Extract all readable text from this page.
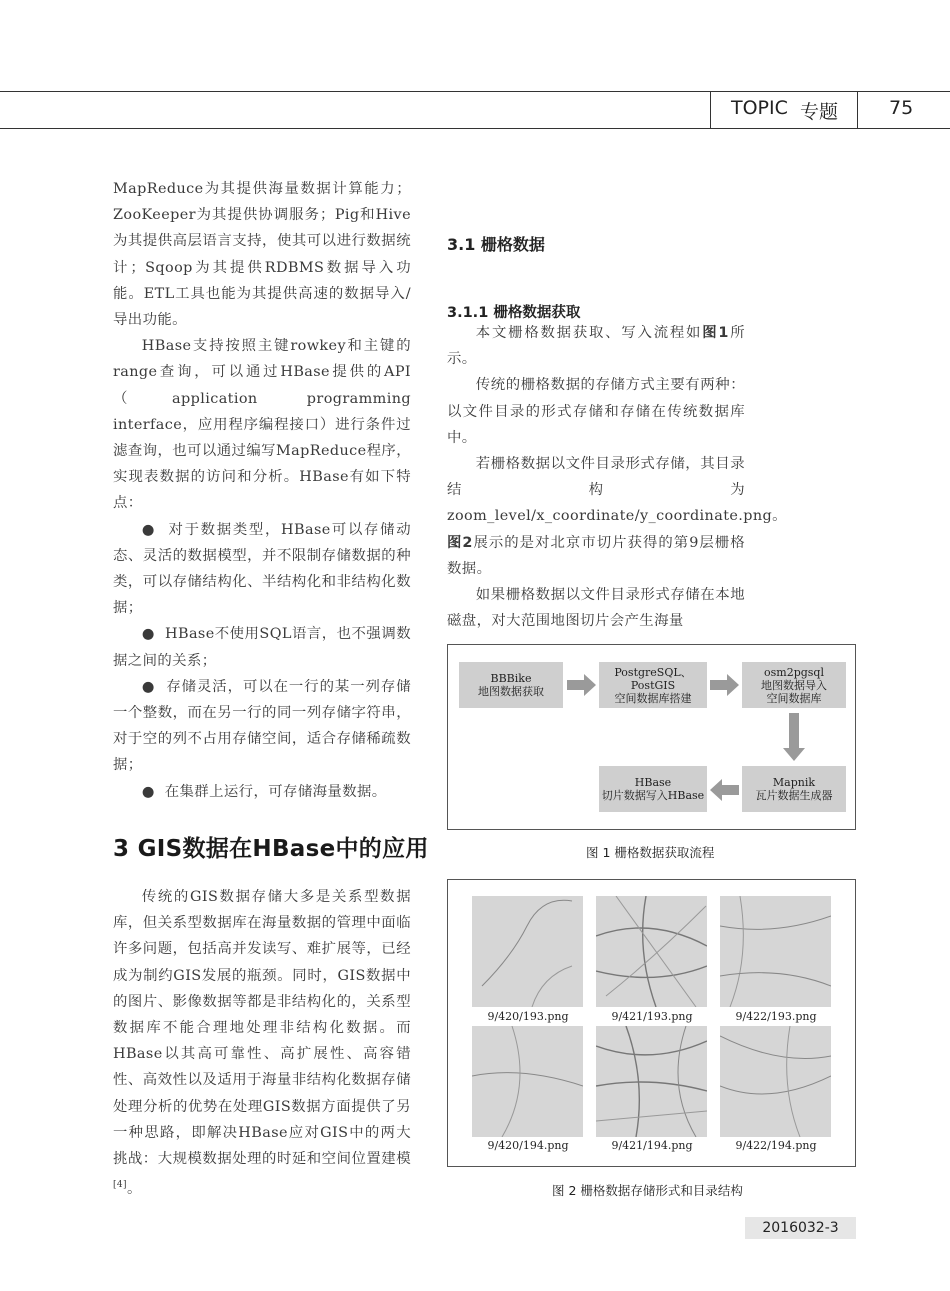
TOPIC 专题	75

MapReduce为其提供海量数据计算能力；ZooKeeper为其提供协调服务；Pig和Hive为其提供高层语言支持，使其可以进行数据统计；Sqoop为其提供RDBMS数据导入功能。ETL工具也能为其提供高速的数据导入/导出功能。

HBase支持按照主键rowkey和主键的range查询，可以通过HBase提供的API（application programming interface，应用程序编程接口）进行条件过滤查询，也可以通过编写MapReduce程序，实现表数据的访问和分析。HBase有如下特点：

●  对于数据类型，HBase可以存储动态、灵活的数据模型，并不限制存储数据的种类，可以存储结构化、半结构化和非结构化数据；

●  HBase不使用SQL语言，也不强调数据之间的关系；

●  存储灵活，可以在一行的某一列存储一个整数，而在另一行的同一列存储字符串，对于空的列不占用存储空间，适合存储稀疏数据；

●  在集群上运行，可存储海量数据。

3 GIS数据在HBase中的应用

传统的GIS数据存储大多是关系型数据库，但关系型数据库在海量数据的管理中面临许多问题，包括高并发读写、难扩展等，已经成为制约GIS发展的瓶颈。同时，GIS数据中的图片、影像数据等都是非结构化的，关系型数据库不能合理地处理非结构化数据。而HBase以其高可靠性、高扩展性、高容错性、高效性以及适用于海量非结构化数据存储处理分析的优势在处理GIS数据方面提供了另一种思路，即解决HBase应对GIS中的两大挑战：大规模数据处理的时延和空间位置建模[4]。

3.1 栅格数据
3.1.1 栅格数据获取

本文栅格数据获取、写入流程如图1所示。

传统的栅格数据的存储方式主要有两种：以文件目录的形式存储和存储在传统数据库中。

若栅格数据以文件目录形式存储，其目录结构为zoom_level/x_coordinate/y_coordinate.png。图2展示的是对北京市切片获得的第9层栅格数据。

如果栅格数据以文件目录形式存储在本地磁盘，对大范围地图切片会产生海量

BBBike
地图数据获取
PostgreSQL、
PostGIS
空间数据库搭建
osm2pgsql
地图数据导入
空间数据库
Mapnik
瓦片数据生成器
HBase
切片数据写入HBase
图 1 栅格数据获取流程
9/420/193.png	9/421/193.png	9/422/193.png
9/420/194.png	9/421/194.png	9/422/194.png
图 2 栅格数据存储形式和目录结构
2016032-3
